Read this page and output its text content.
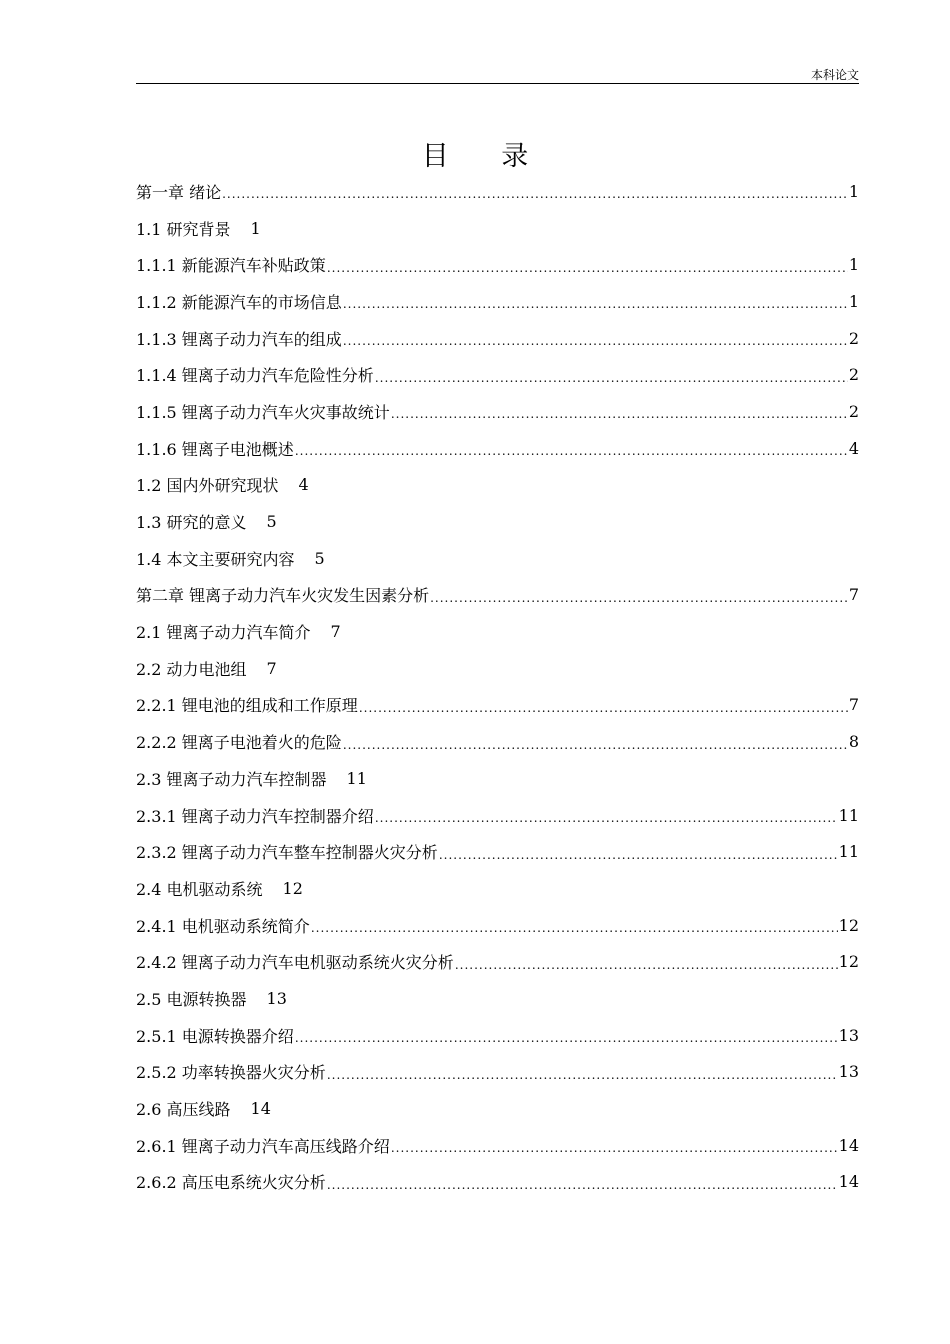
本科论文
目 录
第一章 绪论 .....	1
1.1 研究背景 1
1.1.1 新能源汽车补贴政策 .....	1
1.1.2 新能源汽车的市场信息 .....	1
1.1.3 锂离子动力汽车的组成 .....	2
1.1.4 锂离子动力汽车危险性分析 .....	2
1.1.5 锂离子动力汽车火灾事故统计 .....	2
1.1.6 锂离子电池概述 .....	4
1.2 国内外研究现状 4
1.3 研究的意义 5
1.4 本文主要研究内容 5
第二章 锂离子动力汽车火灾发生因素分析 .....	7
2.1 锂离子动力汽车简介 7
2.2 动力电池组 7
2.2.1 锂电池的组成和工作原理 .....	7
2.2.2 锂离子电池着火的危险 .....	8
2.3 锂离子动力汽车控制器 11
2.3.1 锂离子动力汽车控制器介绍 .....	11
2.3.2 锂离子动力汽车整车控制器火灾分析 .....	11
2.4 电机驱动系统 12
2.4.1 电机驱动系统简介 .....	12
2.4.2 锂离子动力汽车电机驱动系统火灾分析 .....	12
2.5 电源转换器 13
2.5.1 电源转换器介绍 .....	13
2.5.2 功率转换器火灾分析 .....	13
2.6 高压线路 14
2.6.1 锂离子动力汽车高压线路介绍 .....	14
2.6.2 高压电系统火灾分析 .....	14
